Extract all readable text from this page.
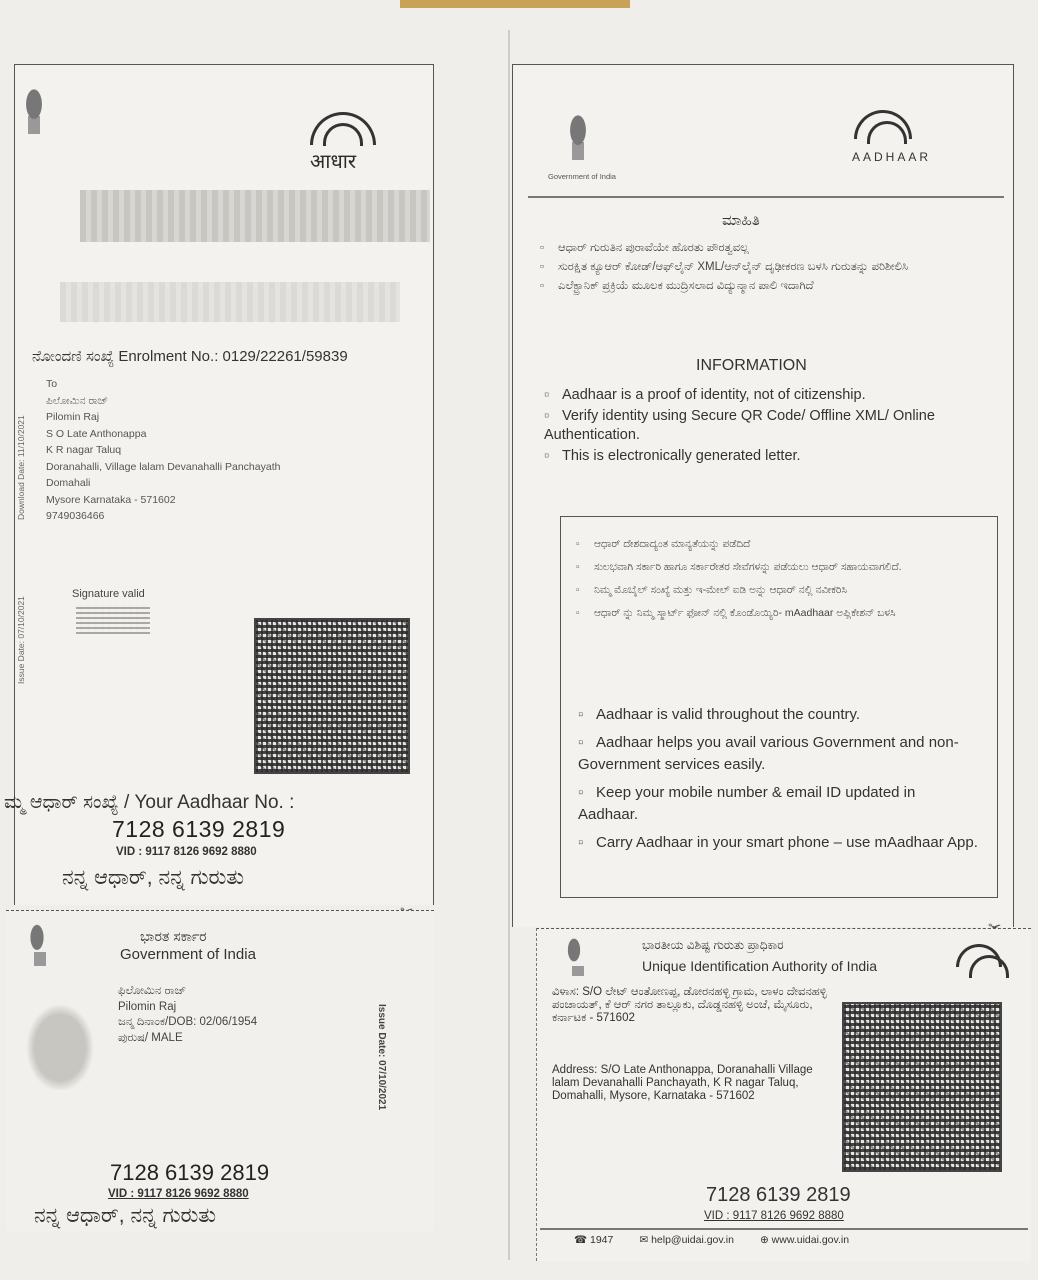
आधार
ನೋಂದಣಿ ಸಂಖ್ಯೆ Enrolment No.: 0129/22261/59839
Download Date: 11/10/2021
Issue Date: 07/10/2021
To
ಪಿಲೋಮಿನ ರಾಜ್
Pilomin Raj
S O Late Anthonappa
K R nagar Taluq
Doranahalli, Village lalam Devanahalli Panchayath
Domahali
Mysore Karnataka - 571602
9749036466
Signature valid
ಮ್ಮ ಆಧಾರ್ ಸಂಖ್ಯೆ / Your Aadhaar No. :
7128 6139 2819
VID : 9117 8126 9692 8880
ನನ್ನ ಆಧಾರ್, ನನ್ನ ಗುರುತು
ಭಾರತ ಸರ್ಕಾರ
Government of India
ಫಿಲೋಮಿನ ರಾಜ್
Pilomin Raj
ಜನ್ಮ ದಿನಾಂಕ/DOB: 02/06/1954
ಪುರುಷ/ MALE	Issue Date: 07/10/2021
7128 6139 2819
VID : 9117 8126 9692 8880
ನನ್ನ ಆಧಾರ್, ನನ್ನ ಗುರುತು
Government of India
AADHAAR
ಮಾಹಿತಿ
▫ ಆಧಾರ್ ಗುರುತಿನ ಪುರಾವೆಯೇ ಹೊರತು ಪೌರತ್ವವಲ್ಲ
▫ ಸುರಕ್ಷಿತ ಕ್ಯೂಆರ್ ಕೋಡ್/ಆಫ್‌ಲೈನ್ XML/ಆನ್‌ಲೈನ್ ದೃಢೀಕರಣ ಬಳಸಿ ಗುರುತನ್ನು ಪರಿಶೀಲಿಸಿ
▫ ಎಲೆಕ್ಟ್ರಾನಿಕ್ ಪ್ರಕ್ರಿಯೆ ಮೂಲಕ ಮುದ್ರಿಸಲಾದ ವಿದ್ಯುನ್ಮಾನ ಪಾಲಿ ಇದಾಗಿದೆ
INFORMATION
▫ Aadhaar is a proof of identity, not of citizenship.
▫ Verify identity using Secure QR Code/ Offline XML/ Online Authentication.
▫ This is electronically generated letter.
▫ ಆಧಾರ್ ದೇಶದಾದ್ಯಂತ ಮಾನ್ಯತೆಯನ್ನು ಪಡೆದಿದೆ
▫ ಸುಲಭವಾಗಿ ಸರ್ಕಾರಿ ಹಾಗೂ ಸರ್ಕಾರೇತರ ಸೇವೆಗಳನ್ನು ಪಡೆಯಲು ಆಧಾರ್ ಸಹಾಯವಾಗಲಿದೆ.
▫ ನಿಮ್ಮ ಮೊಬೈಲ್ ಸಂಖ್ಯೆ ಮತ್ತು ಇ-ಮೇಲ್ ಐಡಿ ಅನ್ನು ಆಧಾರ್ ನಲ್ಲಿ ನವೀಕರಿಸಿ
▫ ಆಧಾರ್ ನ್ನು ನಿಮ್ಮ ಸ್ಮಾರ್ಟ್ ಫೋನ್ ನಲ್ಲಿ ಕೊಂಡೊಯ್ಯಿರಿ- mAadhaar ಅಪ್ಲಿಕೇಶನ್ ಬಳಸಿ
▫ Aadhaar is valid throughout the country.
▫ Aadhaar helps you avail various Government and non-Government services easily.
▫ Keep your mobile number & email ID updated in Aadhaar.
▫ Carry Aadhaar in your smart phone – use mAadhaar App.
ಭಾರತೀಯ ವಿಶಿಷ್ಟ ಗುರುತು ಪ್ರಾಧಿಕಾರ
Unique Identification Authority of India
ವಿಳಾಸ: S/O ಲೇಟ್ ಆಂತೋಣಪ್ಪ, ಡೋರನಹಳ್ಳಿ ಗ್ರಾಮ, ಲಾಳಂ ದೇವನಹಳ್ಳಿ ಪಂಚಾಯತ್, ಕೆ ಆರ್ ನಗರ ತಾಲ್ಲೂಕು, ದೊಡ್ಡನಹಳ್ಳಿ ಅಂಚೆ, ಮೈಸೂರು, ಕರ್ನಾಟಕ - 571602
Address: S/O Late Anthonappa, Doranahalli Village lalam Devanahalli Panchayath, K R nagar Taluq, Domahalli, Mysore, Karnataka - 571602
7128 6139 2819
VID : 9117 8126 9692 8880
☎ 1947 ✉ help@uidai.gov.in ⊕ www.uidai.gov.in
